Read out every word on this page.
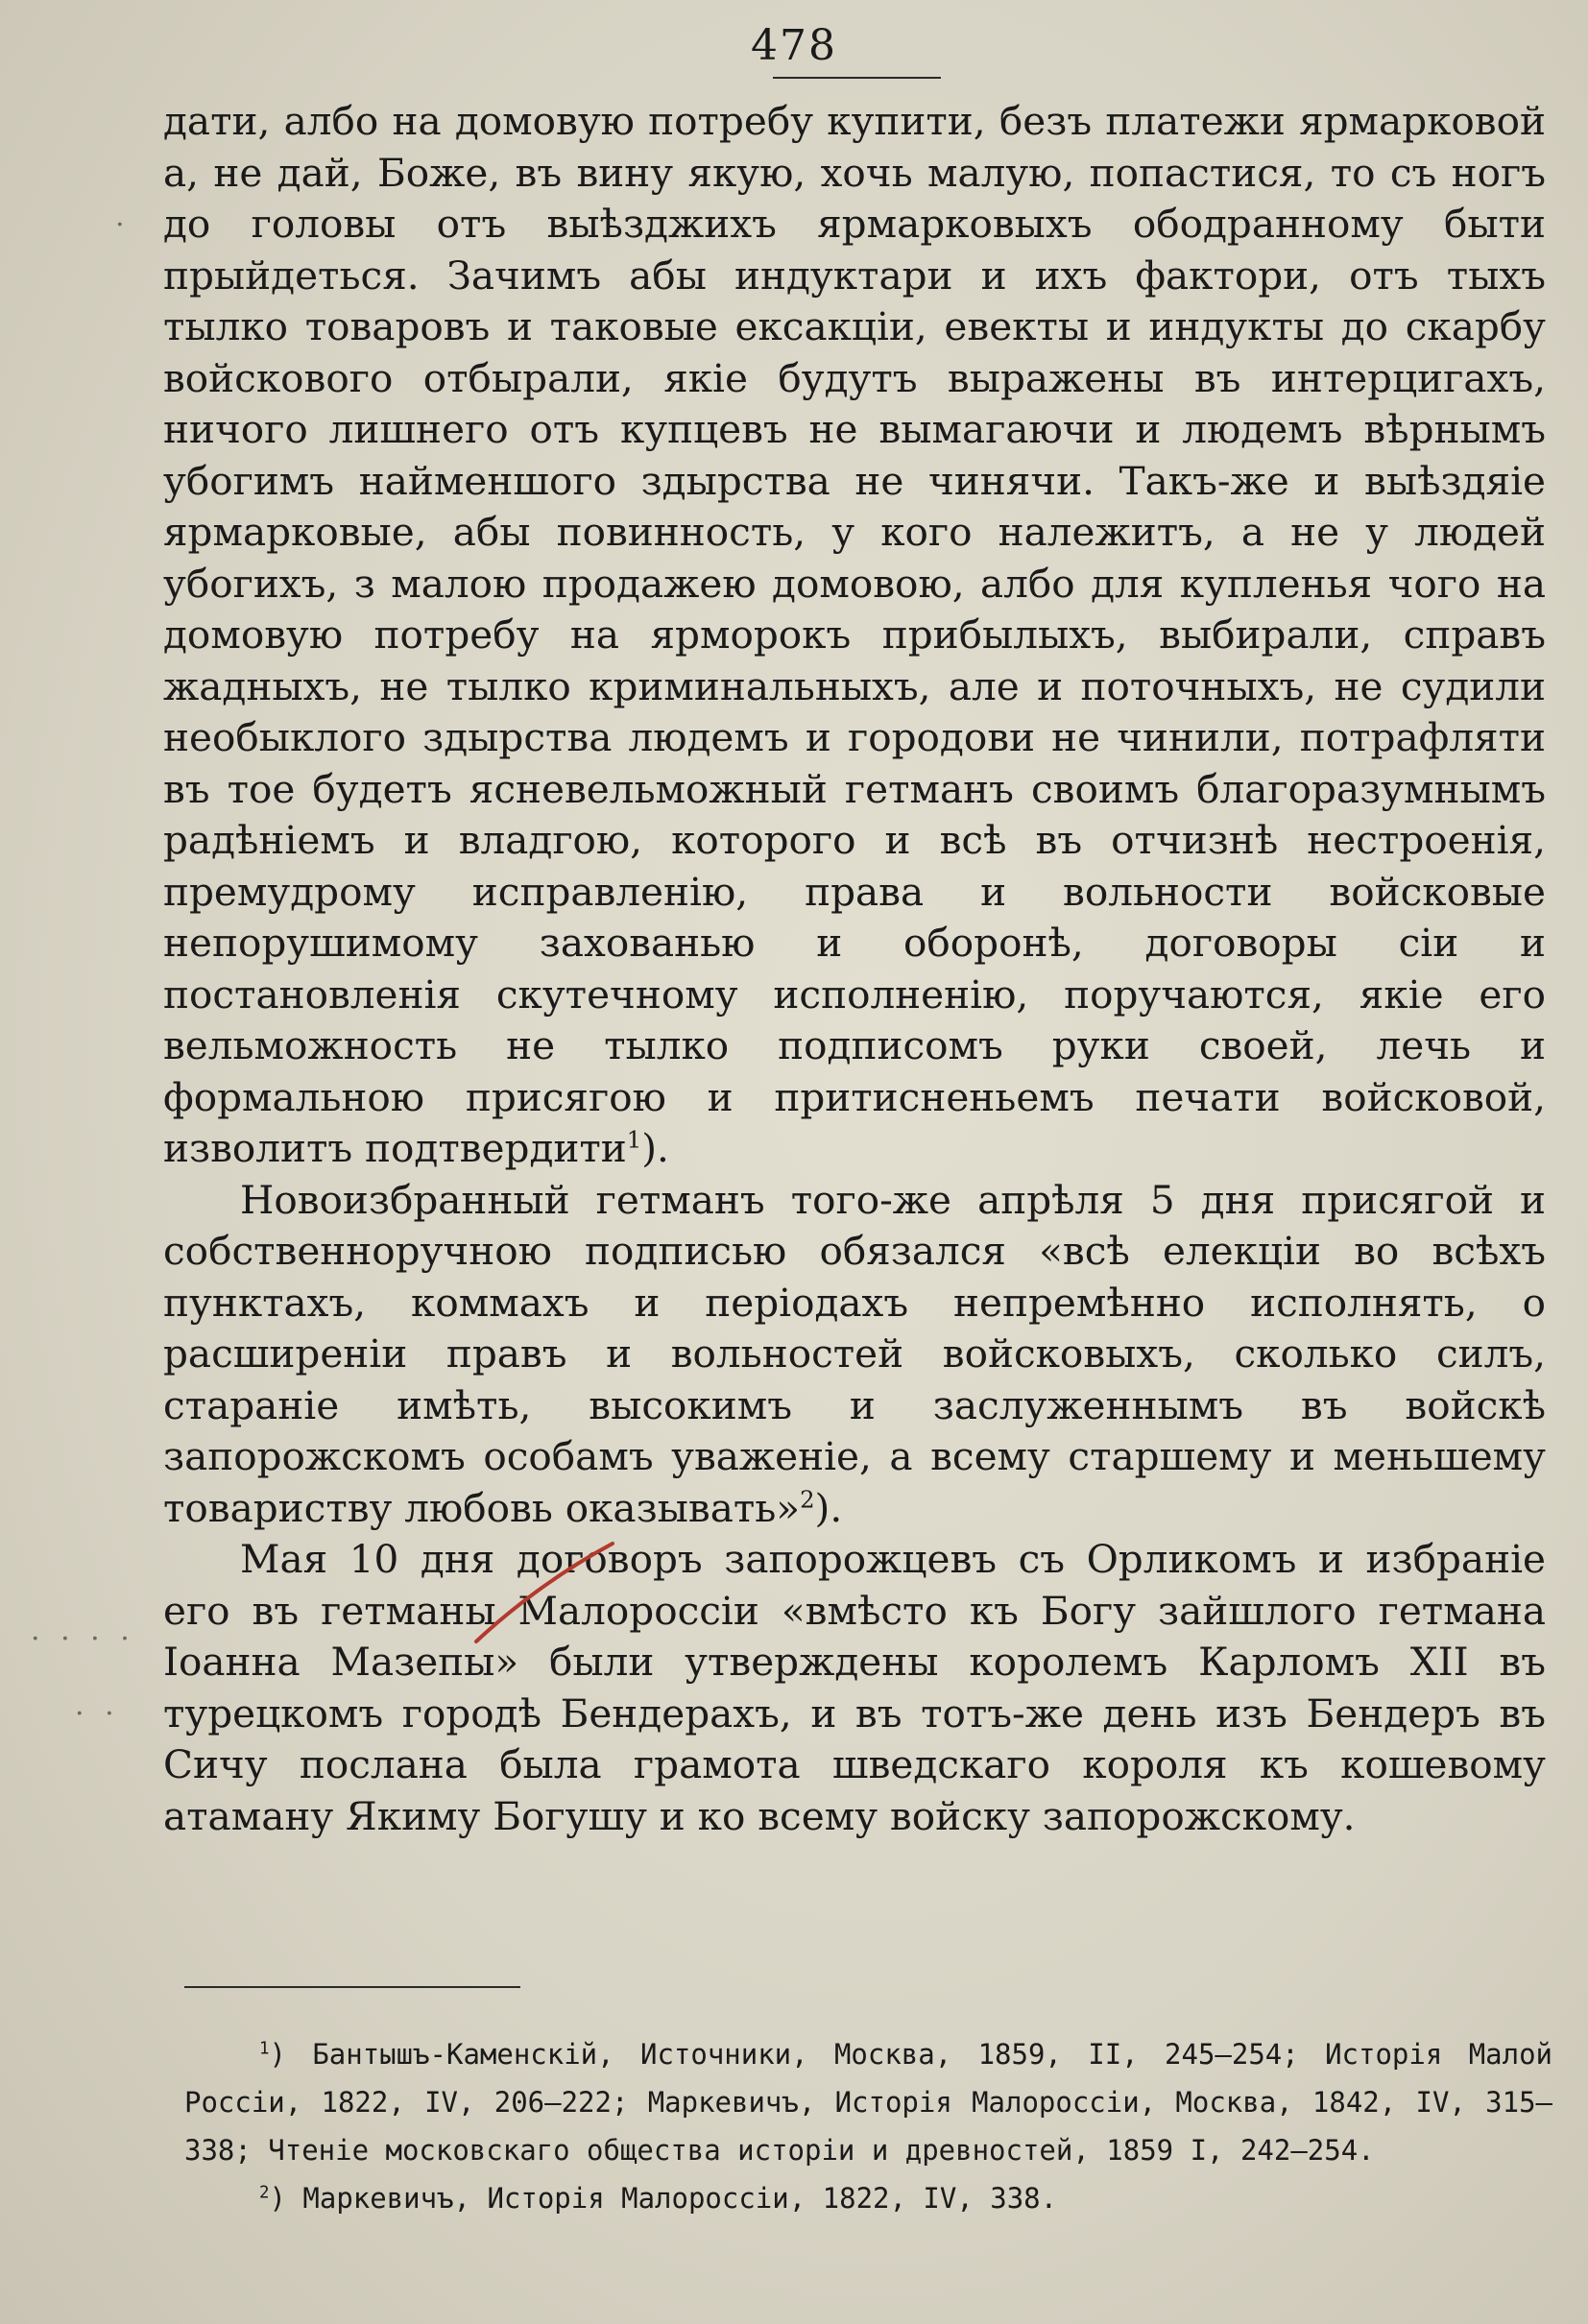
478
.
· · · ·
· ·

дати, албо на домовую потребу купити, безъ платежи ярмарковой а, не дай, Боже, въ вину якую, хочь малую, попастися, то съ ногъ до головы отъ выѣзджихъ ярмарковыхъ ободранному быти прыйдеться. Зачимъ абы индуктари и ихъ фактори, отъ тыхъ тылко товаровъ и таковые ексакціи, евекты и индукты до скарбу войскового отбырали, якіе будутъ выражены въ интерцигахъ, ничого лишнего отъ купцевъ не вымагаючи и людемъ вѣрнымъ убогимъ найменшого здырства не чинячи. Такъ-же и выѣздяіе ярмарковые, абы повинность, у кого належитъ, а не у людей убогихъ, з малою продажею домовою, албо для купленья чого на домовую потребу на ярморокъ прибылыхъ, выбирали, справъ жадныхъ, не тылко криминальныхъ, але и поточныхъ, не судили необыклого здырства людемъ и городови не чинили, потрафляти въ тое будетъ ясневельможный гетманъ своимъ благоразумнымъ радѣніемъ и владгою, которого и всѣ въ отчизнѣ нестроенія, премудрому исправленію, права и вольности войсковые непорушимому захованью и оборонѣ, договоры сіи и постановленія скутечному исполненію, поручаются, якіе его вельможность не тылко подписомъ руки своей, лечь и формальною присягою и притисненьемъ печати войсковой, изволитъ подтвердити$^1$).

Новоизбранный гетманъ того-же апрѣля 5 дня присягой и собственноручною подписью обязался «всѣ елекціи во всѣхъ пунктахъ, коммахъ и періодахъ непремѣнно исполнять, о расширеніи правъ и вольностей войсковыхъ, сколько силъ, стараніе имѣть, высокимъ и заслуженнымъ въ войскѣ запорожскомъ особамъ уваженіе, а всему старшему и меньшему товариству любовь оказывать»$^2$).

Мая 10 дня договоръ запорожцевъ съ Орликомъ и избраніе его въ гетманы Малороссіи «вмѣсто къ Богу зайшлого гетмана Іоанна Мазепы» были утверждены королемъ Карломъ XII въ турецкомъ городѣ Бендерахъ, и въ тотъ-же день изъ Бендеръ въ Сичу послана была грамота шведскаго короля къ кошевому атаману Якиму Богушу и ко всему войску запорожскому.

$^1$) Бантышъ-Каменскій, Источники, Москва, 1859, II, 245—254; Исторія Малой Россіи, 1822, IV, 206—222; Маркевичъ, Исторія Малороссіи, Москва, 1842, IV, 315—338; Чтеніе московскаго общества исторіи и древностей, 1859 I, 242—254.

$^2$) Маркевичъ, Исторія Малороссіи, 1822, IV, 338.
